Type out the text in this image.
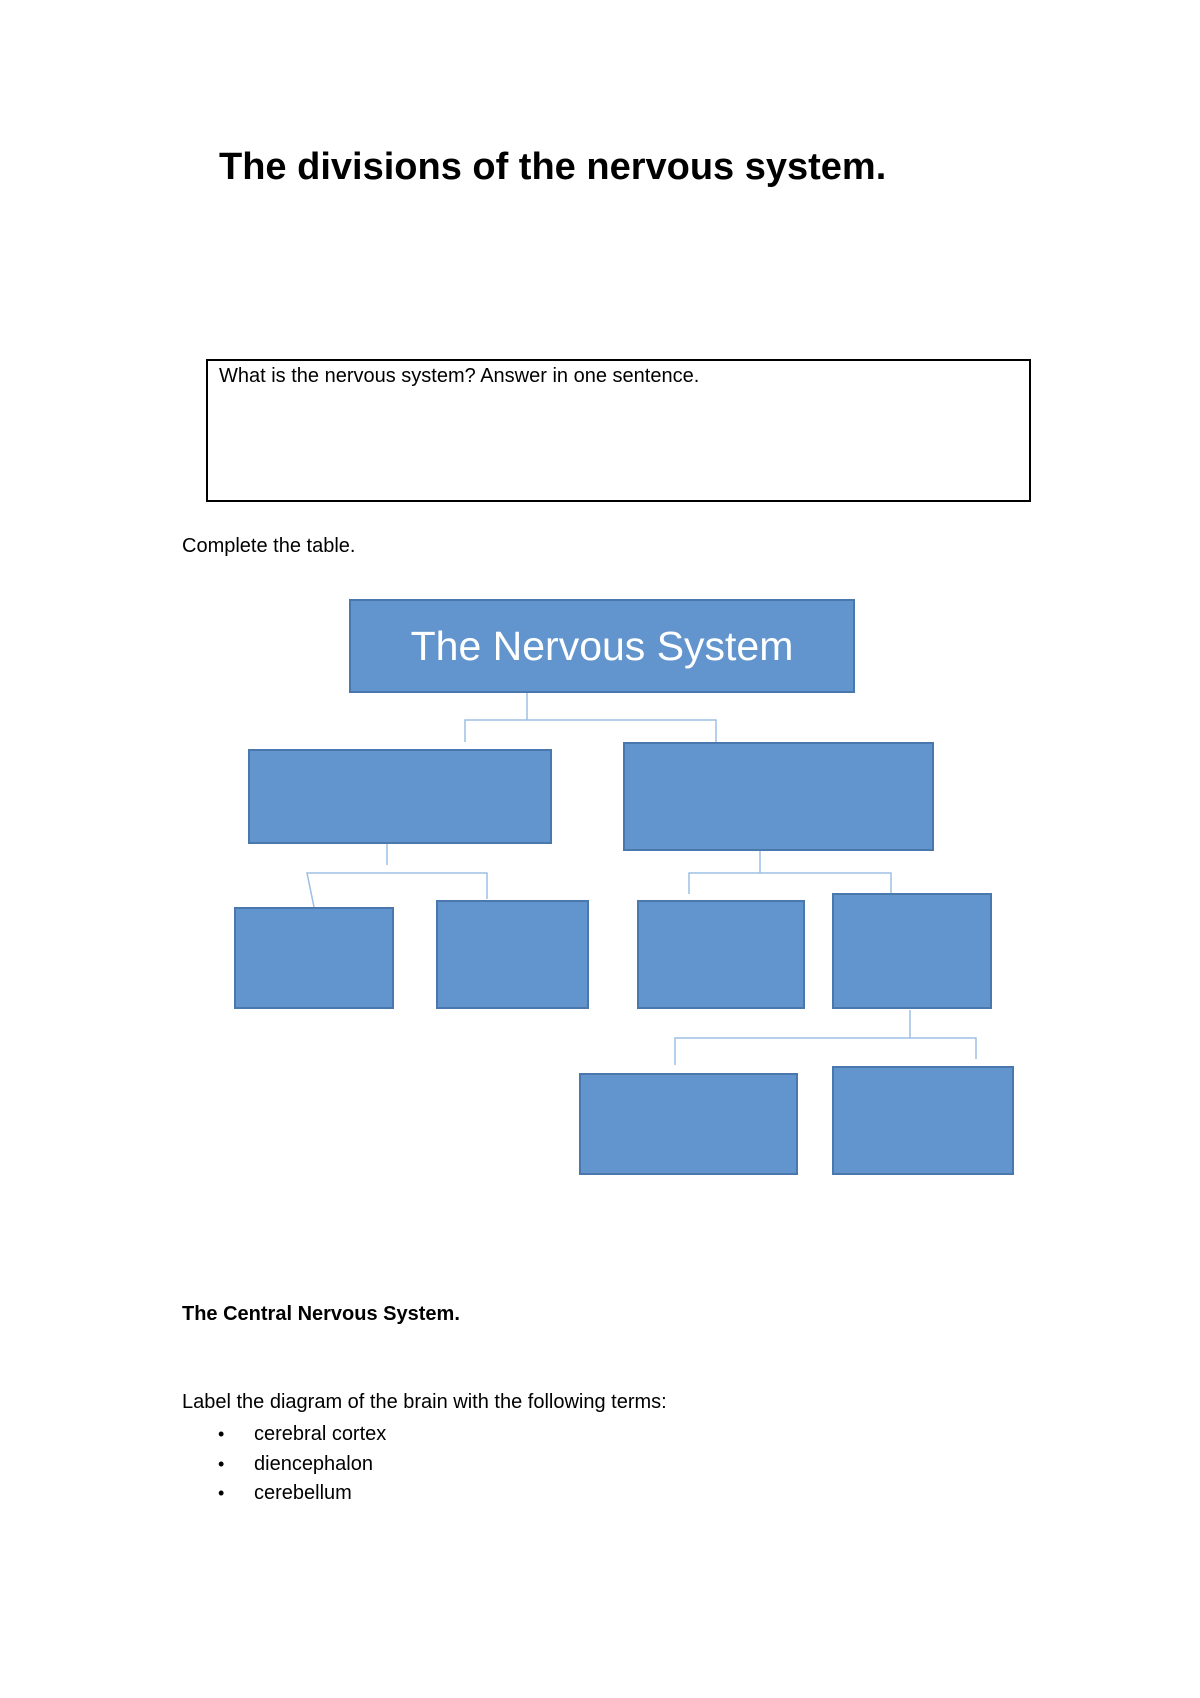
The divisions of the nervous system.
What is the nervous system? Answer in one sentence.
Complete the table.
The Nervous System
The Central Nervous System.
Label the diagram of the brain with the following terms:
•	cerebral cortex
•	diencephalon
•	cerebellum
